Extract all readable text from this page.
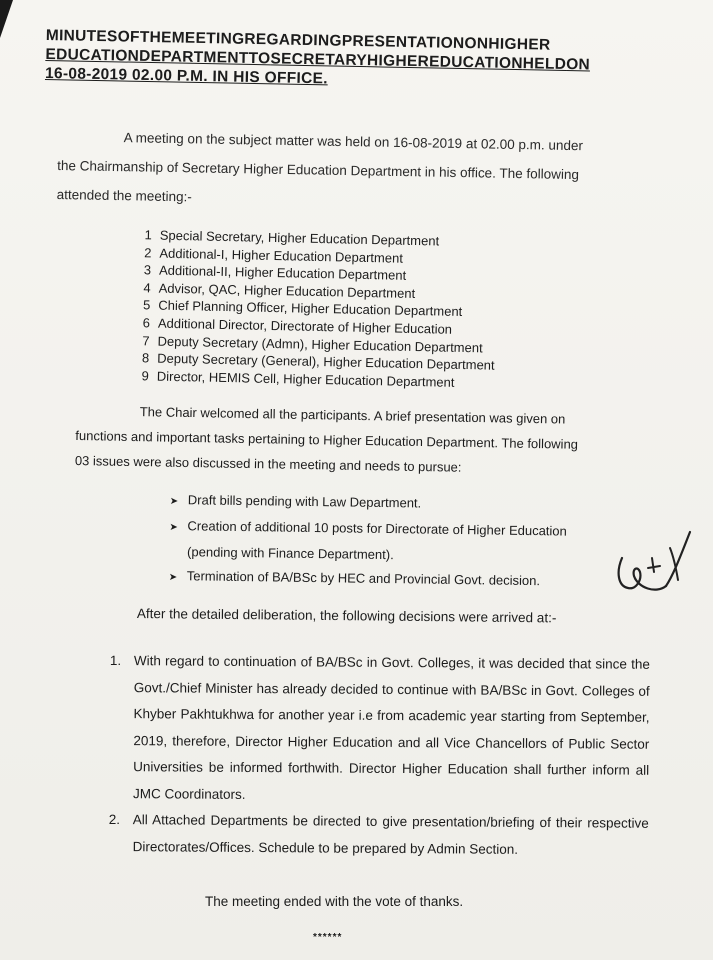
MINUTESOFTHEMEETINGREGARDINGPRESENTATIONONHIGHER
EDUCATIONDEPARTMENTTOSECRETARYHIGHEREDUCATIONHELDON
16-08-2019 02.00 P.M. IN HIS OFFICE.
A meeting on the subject matter was held on 16-08-2019 at 02.00 p.m. under
the Chairmanship of Secretary Higher Education Department in his office. The following
attended the meeting:-
1 Special Secretary, Higher Education Department
2 Additional-I, Higher Education Department
3 Additional-II, Higher Education Department
4 Advisor, QAC, Higher Education Department
5 Chief Planning Officer, Higher Education Department
6 Additional Director, Directorate of Higher Education
7 Deputy Secretary (Admn), Higher Education Department
8 Deputy Secretary (General), Higher Education Department
9 Director, HEMIS Cell, Higher Education Department
The Chair welcomed all the participants. A brief presentation was given on
functions and important tasks pertaining to Higher Education Department. The following
03 issues were also discussed in the meeting and needs to pursue:
➤ Draft bills pending with Law Department.
➤ Creation of additional 10 posts for Directorate of Higher Education
(pending with Finance Department).
➤ Termination of BA/BSc by HEC and Provincial Govt. decision.
After the detailed deliberation, the following decisions were arrived at:-
1. With regard to continuation of BA/BSc in Govt. Colleges, it was decided that since the Govt./Chief Minister has already decided to continue with BA/BSc in Govt. Colleges of Khyber Pakhtukhwa for another year i.e from academic year starting from September, 2019, therefore, Director Higher Education and all Vice Chancellors of Public Sector Universities be informed forthwith. Director Higher Education shall further inform all JMC Coordinators.
2. All Attached Departments be directed to give presentation/briefing of their respective Directorates/Offices. Schedule to be prepared by Admin Section.
The meeting ended with the vote of thanks.
******
